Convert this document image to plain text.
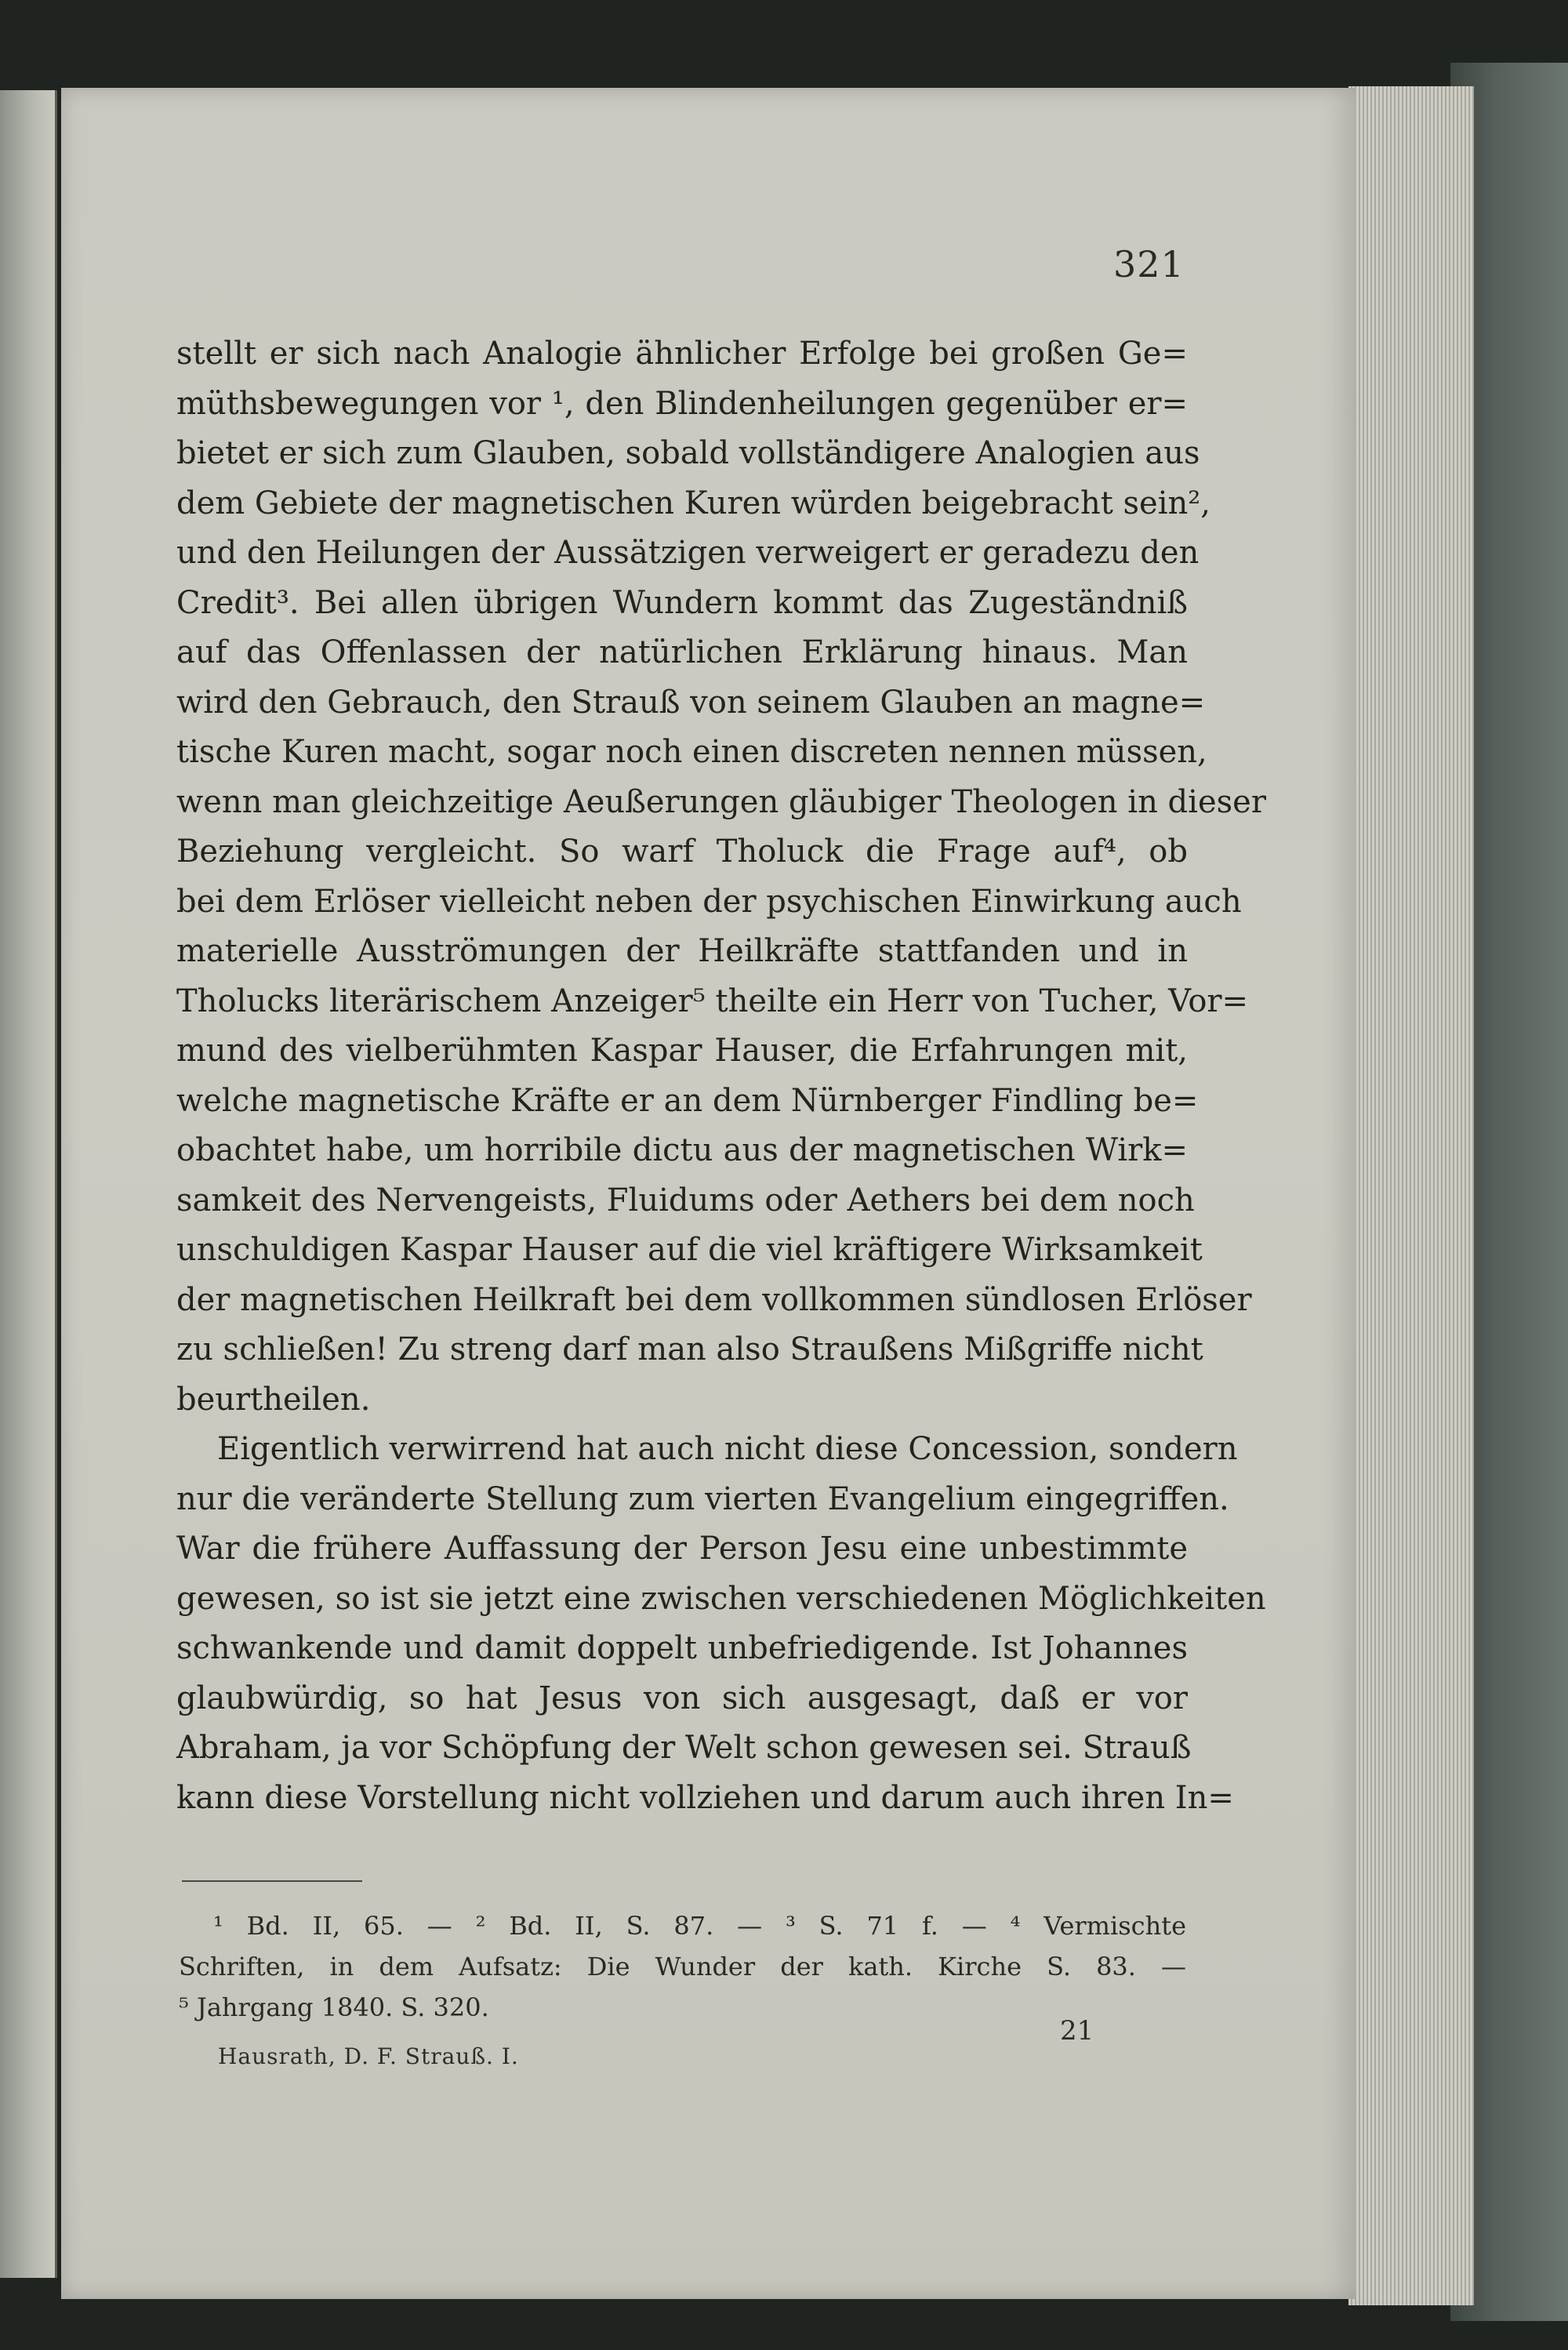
321
stellt er sich nach Analogie ähnlicher Erfolge bei großen Ge=
müthsbewegungen vor ¹, den Blindenheilungen gegenüber er=
bietet er sich zum Glauben, sobald vollständigere Analogien aus
dem Gebiete der magnetischen Kuren würden beigebracht sein²,
und den Heilungen der Aussätzigen verweigert er geradezu den
Credit³. Bei allen übrigen Wundern kommt das Zugeständniß
auf das Offenlassen der natürlichen Erklärung hinaus. Man
wird den Gebrauch, den Strauß von seinem Glauben an magne=
tische Kuren macht, sogar noch einen discreten nennen müssen,
wenn man gleichzeitige Aeußerungen gläubiger Theologen in dieser
Beziehung vergleicht. So warf Tholuck die Frage auf⁴, ob
bei dem Erlöser vielleicht neben der psychischen Einwirkung auch
materielle Ausströmungen der Heilkräfte stattfanden und in
Tholucks literärischem Anzeiger⁵ theilte ein Herr von Tucher, Vor=
mund des vielberühmten Kaspar Hauser, die Erfahrungen mit,
welche magnetische Kräfte er an dem Nürnberger Findling be=
obachtet habe, um horribile dictu aus der magnetischen Wirk=
samkeit des Nervengeists, Fluidums oder Aethers bei dem noch
unschuldigen Kaspar Hauser auf die viel kräftigere Wirksamkeit
der magnetischen Heilkraft bei dem vollkommen sündlosen Erlöser
zu schließen! Zu streng darf man also Straußens Mißgriffe nicht
beurtheilen.
Eigentlich verwirrend hat auch nicht diese Concession, sondern
nur die veränderte Stellung zum vierten Evangelium eingegriffen.
War die frühere Auffassung der Person Jesu eine unbestimmte
gewesen, so ist sie jetzt eine zwischen verschiedenen Möglichkeiten
schwankende und damit doppelt unbefriedigende. Ist Johannes
glaubwürdig, so hat Jesus von sich ausgesagt, daß er vor
Abraham, ja vor Schöpfung der Welt schon gewesen sei. Strauß
kann diese Vorstellung nicht vollziehen und darum auch ihren In=
¹ Bd. II, 65. — ² Bd. II, S. 87. — ³ S. 71 f. — ⁴ Vermischte
Schriften, in dem Aufsatz: Die Wunder der kath. Kirche S. 83. —
⁵ Jahrgang 1840. S. 320.
21
Hausrath, D. F. Strauß. I.
